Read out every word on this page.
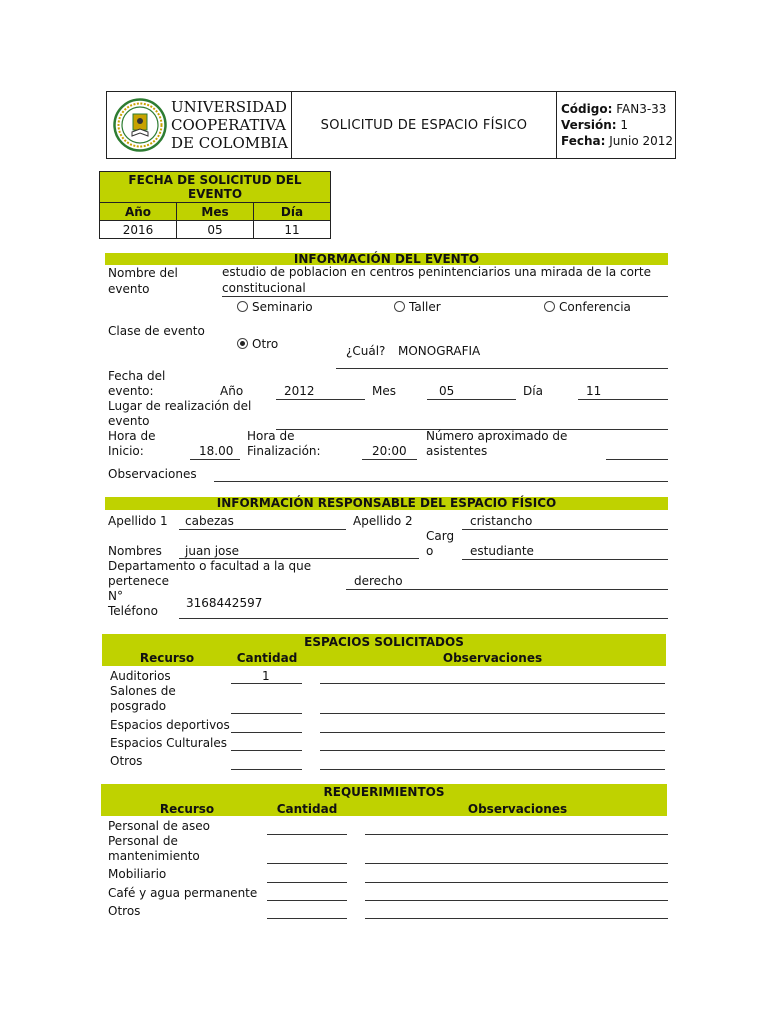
UNIVERSIDAD
COOPERATIVA
DE COLOMBIA
SOLICITUD DE ESPACIO FÍSICO
Código: FAN3-33
Versión: 1
Fecha: Junio 2012
FECHA DE SOLICITUD DEL EVENTO		
Año	Mes	Día
2016	05	11
INFORMACIÓN DEL EVENTO
Nombre del
evento
estudio de poblacion en centros penintenciarios una mirada de la corte
constitucional
Seminario	Taller	Conferencia
Clase de evento
Otro	¿Cuál? MONOGRAFIA
Fecha del
evento:	Año	2012	Mes	05	Día	11
Lugar de realización del
evento
Hora de
Inicio:	18.00
Hora de
Finalización:	20:00
Número aproximado de
asistentes
Observaciones
INFORMACIÓN RESPONSABLE DEL ESPACIO FÍSICO
Apellido 1 cabezas	Apellido 2	cristancho
Carg
o
Nombres juan jose	estudiante
Departamento o facultad a la que
pertenece	derecho
N°
Teléfono
3168442597
ESPACIOS SOLICITADOS
Recurso	Cantidad	Observaciones
Auditorios	1
Salones de posgrado
Espacios deportivos
Espacios Culturales
Otros
REQUERIMIENTOS
Recurso	Cantidad	Observaciones
Personal de aseo
Personal de mantenimiento
Mobiliario
Café y agua permanente
Otros
